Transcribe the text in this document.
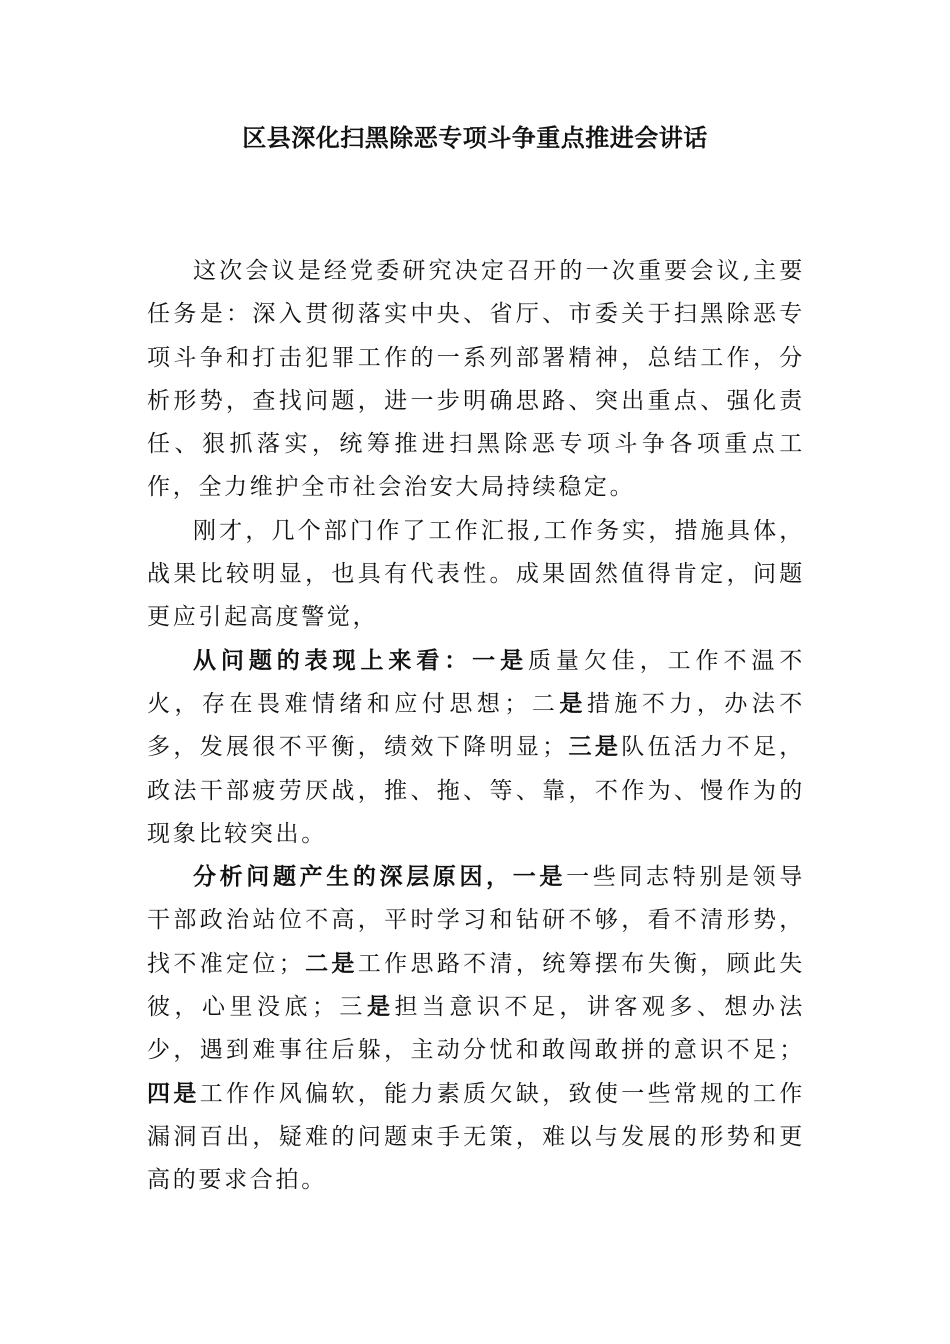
区县深化扫黑除恶专项斗争重点推进会讲话

这次会议是经党委研究决定召开的一次重要会议,主要任务是：深入贯彻落实中央、省厅、市委关于扫黑除恶专项斗争和打击犯罪工作的一系列部署精神，总结工作，分析形势，查找问题，进一步明确思路、突出重点、强化责任、狠抓落实，统筹推进扫黑除恶专项斗争各项重点工作，全力维护全市社会治安大局持续稳定。

刚才，几个部门作了工作汇报,工作务实，措施具体，战果比较明显，也具有代表性。成果固然值得肯定，问题更应引起高度警觉，

从问题的表现上来看：一是质量欠佳，工作不温不火，存在畏难情绪和应付思想；二是措施不力，办法不多，发展很不平衡，绩效下降明显；三是队伍活力不足，政法干部疲劳厌战，推、拖、等、靠，不作为、慢作为的现象比较突出。

分析问题产生的深层原因，一是一些同志特别是领导干部政治站位不高，平时学习和钻研不够，看不清形势，找不准定位；二是工作思路不清，统筹摆布失衡，顾此失彼，心里没底；三是担当意识不足，讲客观多、想办法少，遇到难事往后躲，主动分忧和敢闯敢拼的意识不足；四是工作作风偏软，能力素质欠缺，致使一些常规的工作漏洞百出，疑难的问题束手无策，难以与发展的形势和更高的要求合拍。
